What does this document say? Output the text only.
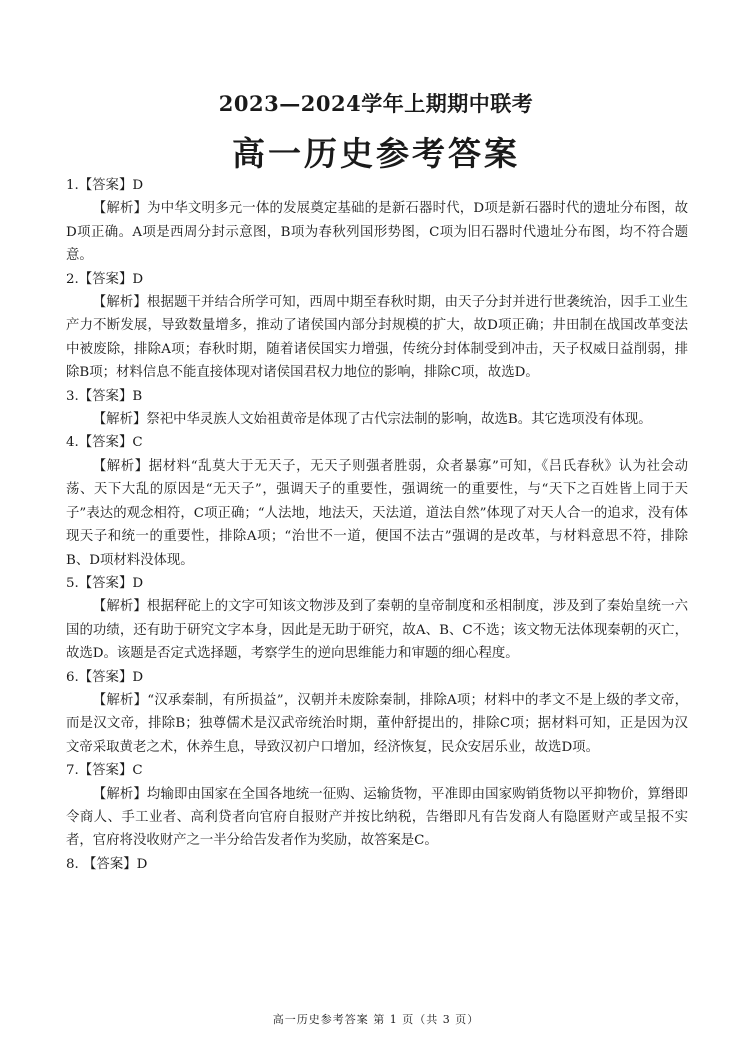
2023—2024学年上期期中联考
高一历史参考答案

1.【答案】D

【解析】为中华文明多元一体的发展奠定基础的是新石器时代，D项是新石器时代的遗址分布图，故D项正确。A项是西周分封示意图，B项为春秋列国形势图，C项为旧石器时代遗址分布图，均不符合题意。

2.【答案】D

【解析】根据题干并结合所学可知，西周中期至春秋时期，由天子分封并进行世袭统治，因手工业生产力不断发展，导致数量增多，推动了诸侯国内部分封规模的扩大，故D项正确；井田制在战国改革变法中被废除，排除A项；春秋时期，随着诸侯国实力增强，传统分封体制受到冲击，天子权威日益削弱，排除B项；材料信息不能直接体现对诸侯国君权力地位的影响，排除C项，故选D。

3.【答案】B

【解析】祭祀中华灵族人文始祖黄帝是体现了古代宗法制的影响，故选B。其它选项没有体现。

4.【答案】C

【解析】据材料“乱莫大于无天子，无天子则强者胜弱，众者暴寡”可知，《吕氏春秋》认为社会动荡、天下大乱的原因是“无天子”，强调天子的重要性，强调统一的重要性，与“天下之百姓皆上同于天子”表达的观念相符，C项正确；“人法地，地法天，天法道，道法自然”体现了对天人合一的追求，没有体现天子和统一的重要性，排除A项；“治世不一道，便国不法古”强调的是改革，与材料意思不符，排除B、D项材料没体现。

5.【答案】D

【解析】根据秤砣上的文字可知该文物涉及到了秦朝的皇帝制度和丞相制度，涉及到了秦始皇统一六国的功绩，还有助于研究文字本身，因此是无助于研究，故A、B、C不选；该文物无法体现秦朝的灭亡，故选D。该题是否定式选择题，考察学生的逆向思维能力和审题的细心程度。

6.【答案】D

【解析】“汉承秦制，有所损益”，汉朝并未废除秦制，排除A项；材料中的孝文不是上级的孝文帝，而是汉文帝，排除B；独尊儒术是汉武帝统治时期，董仲舒提出的，排除C项；据材料可知，正是因为汉文帝采取黄老之术，休养生息，导致汉初户口增加，经济恢复，民众安居乐业，故选D项。

7.【答案】C

【解析】均输即由国家在全国各地统一征购、运输货物，平准即由国家购销货物以平抑物价，算缗即令商人、手工业者、高利贷者向官府自报财产并按比纳税，告缗即凡有告发商人有隐匿财产或呈报不实者，官府将没收财产之一半分给告发者作为奖励，故答案是C。

8. 【答案】D

高一历史参考答案 第 1 页（共 3 页）
